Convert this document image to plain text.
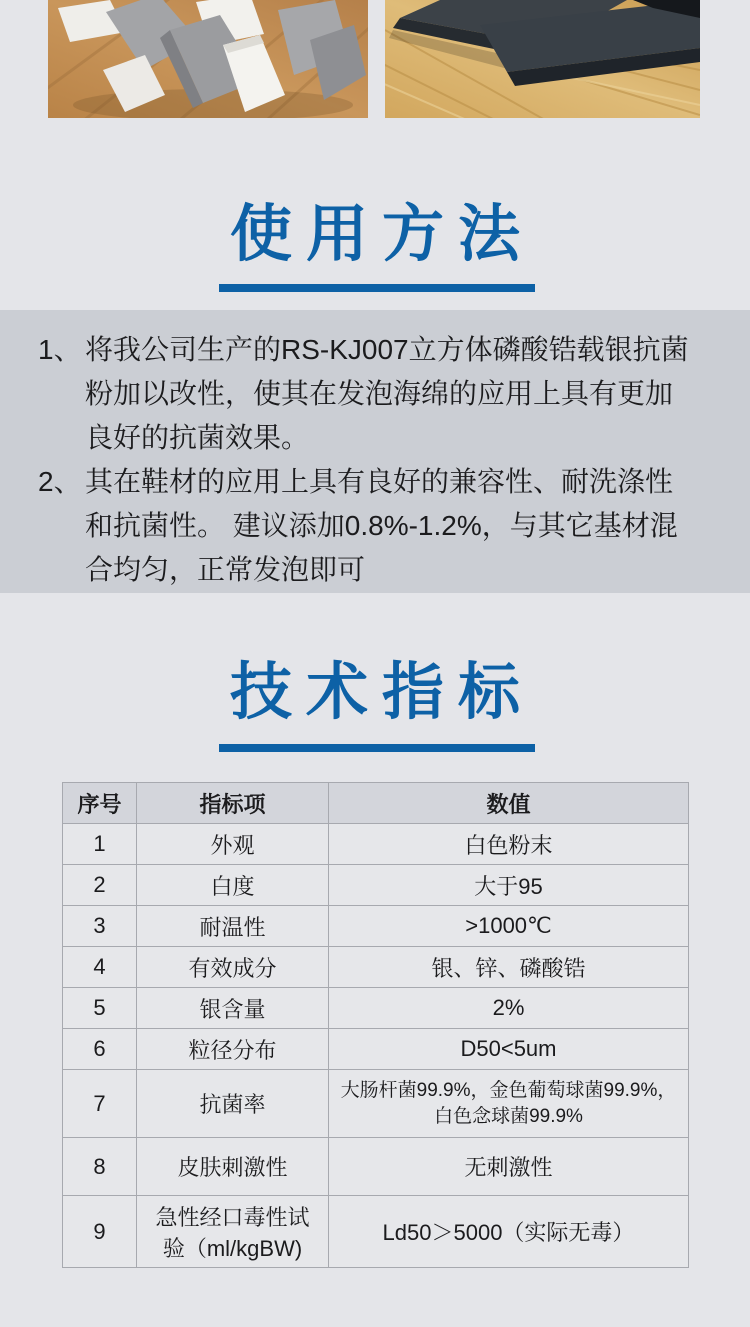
使用方法
1、 将我公司生产的RS-KJ007立方体磷酸锆载银抗菌粉加以改性，使其在发泡海绵的应用上具有更加良好的抗菌效果。
2、 其在鞋材的应用上具有良好的兼容性、耐洗涤性和抗菌性。 建议添加0.8%-1.2%，与其它基材混合均匀，正常发泡即可
技术指标
序号	指标项	数值
1	外观	白色粉末
2	白度	大于95
3	耐温性	>1000℃
4	有效成分	银、锌、磷酸锆
5	银含量	2%
6	粒径分布	D50<5um
7	抗菌率	大肠杆菌99.9%，金色葡萄球菌99.9%，白色念球菌99.9%
8	皮肤刺激性	无刺激性
9	急性经口毒性试验（ml/kgBW)	Ld50＞5000（实际无毒）
